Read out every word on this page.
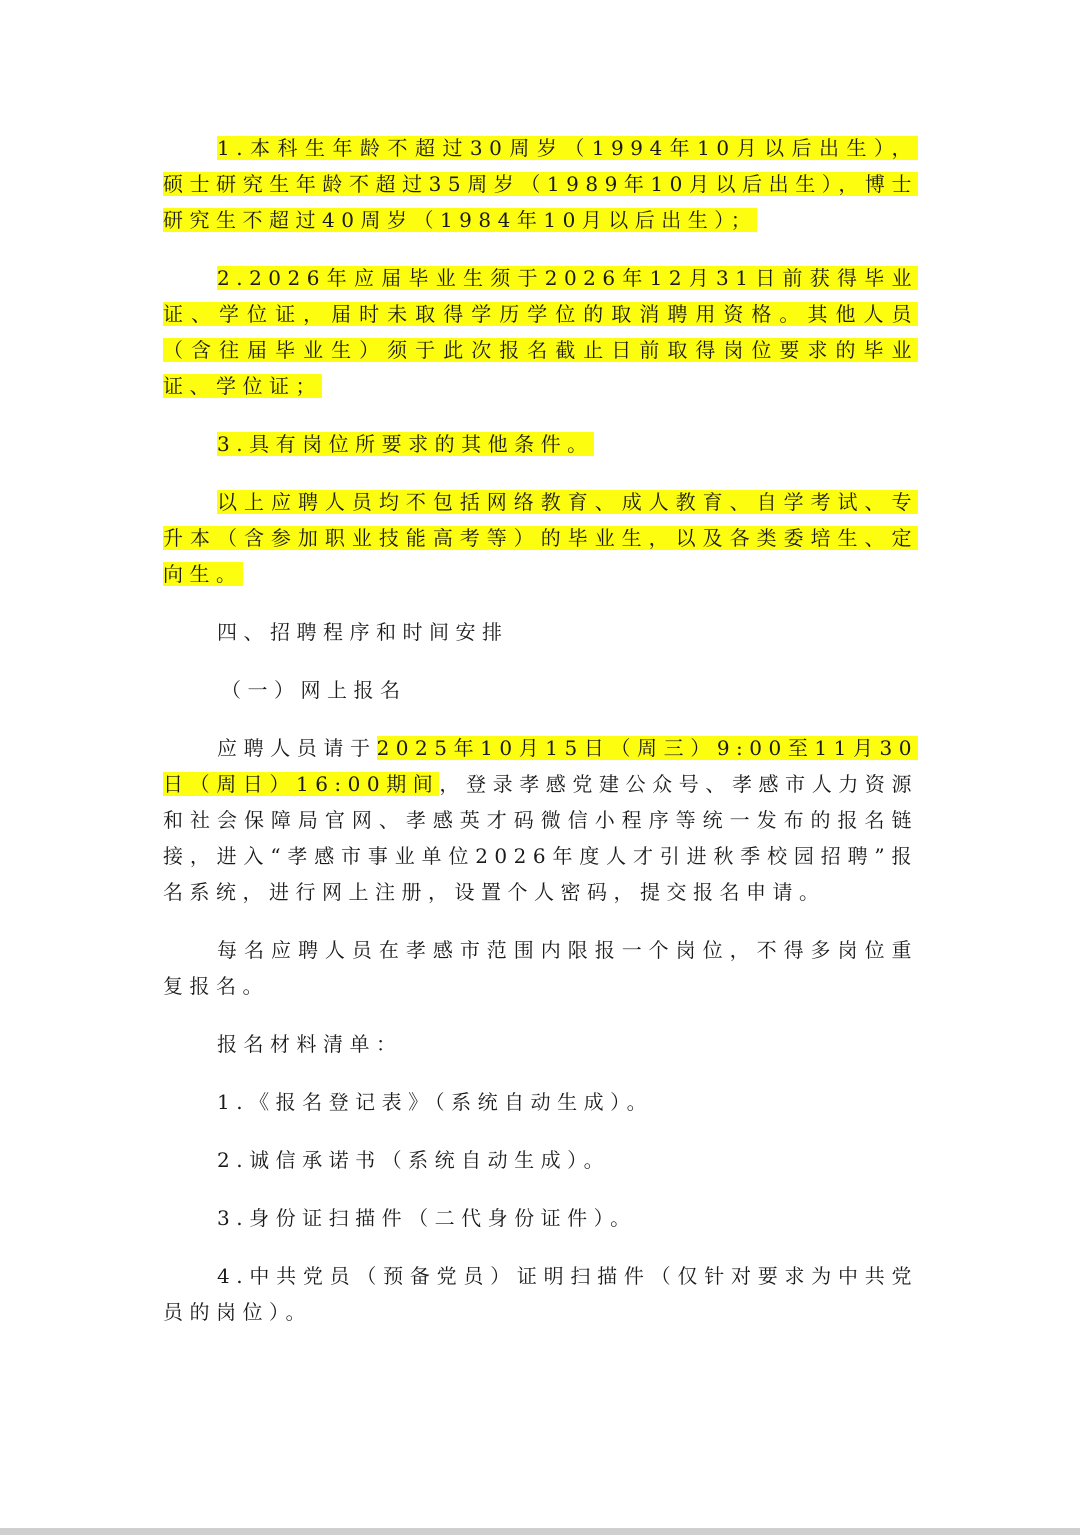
1.本科生年龄不超过30周岁（1994年10月以后出生），硕士研究生年龄不超过35周岁（1989年10月以后出生），博士研究生不超过40周岁（1984年10月以后出生）；

2.2026年应届毕业生须于2026年12月31日前获得毕业证、学位证，届时未取得学历学位的取消聘用资格。其他人员（含往届毕业生）须于此次报名截止日前取得岗位要求的毕业证、学位证；

3.具有岗位所要求的其他条件。

以上应聘人员均不包括网络教育、成人教育、自学考试、专升本（含参加职业技能高考等）的毕业生，以及各类委培生、定向生。

四、招聘程序和时间安排

（一）网上报名

应聘人员请于2025年10月15日（周三）9:00至11月30日（周日）16:00期间，登录孝感党建公众号、孝感市人力资源和社会保障局官网、孝感英才码微信小程序等统一发布的报名链接，进入“孝感市事业单位2026年度人才引进秋季校园招聘”报名系统，进行网上注册，设置个人密码，提交报名申请。

每名应聘人员在孝感市范围内限报一个岗位，不得多岗位重复报名。

报名材料清单：

1.《报名登记表》（系统自动生成）。

2.诚信承诺书（系统自动生成）。

3.身份证扫描件（二代身份证件）。

4.中共党员（预备党员）证明扫描件（仅针对要求为中共党员的岗位）。
